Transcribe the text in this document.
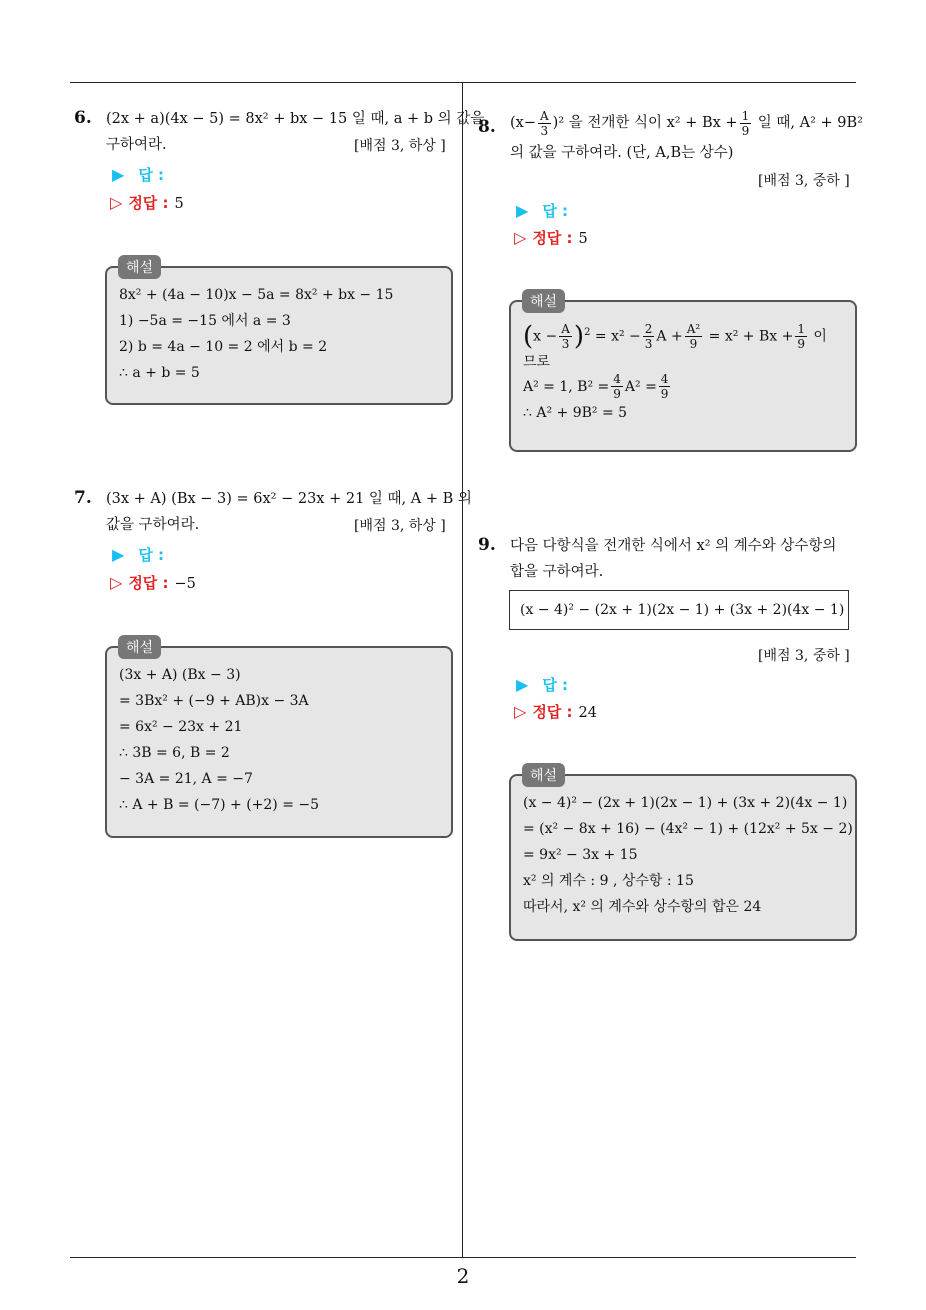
2
6. (2x + a)(4x − 5) = 8x² + bx − 15 일 때, a + b 의 값을
구하여라.	[배점 3, 하상 ]
▶ 답 :
▷ 정답 : 5
8x² + (4a − 10)x − 5a = 8x² + bx − 15
1) −5a = −15 에서 a = 3
2) b = 4a − 10 = 2 에서 b = 2
∴ a + b = 5
해설
7. (3x + A) (Bx − 3) = 6x² − 23x + 21 일 때, A + B 의
값을 구하여라.	[배점 3, 하상 ]
▶ 답 :
▷ 정답 : −5
(3x + A) (Bx − 3)
= 3Bx² + (−9 + AB)x − 3A
= 6x² − 23x + 21
∴ 3B = 6, B = 2
− 3A = 21, A = −7
∴ A + B = (−7) + (+2) = −5
해설
8. $(x- \frac{A}{3} )^2$ 을 전개한 식이 $x^2 + Bx + \frac{1}{9}$ 일 때, A² + 9B²
의 값을 구하여라. (단, A,B는 상수)
[배점 3, 중하 ]
▶ 답 :
▷ 정답 : 5
$(x - \frac{A}{3} )^2 = x^2 - \frac{2}{3}$ $A + \frac{\text{A²}}{9} = x^2 + Bx + \frac{1}{9}$ 이
므로
A² = 1, $B^2 = \frac{4}{9} A^2 = \frac{4}{9}$
∴ A² + 9B² = 5
해설
9. 다음 다항식을 전개한 식에서 x² 의 계수와 상수항의
합을 구하여라.
(x − 4)² − (2x + 1)(2x − 1) + (3x + 2)(4x − 1)
[배점 3, 중하 ]
▶ 답 :
▷ 정답 : 24
(x − 4)² − (2x + 1)(2x − 1) + (3x + 2)(4x − 1)
= (x² − 8x + 16) − (4x² − 1) + (12x² + 5x − 2)
= 9x² − 3x + 15
x² 의 계수 : 9 , 상수항 : 15
따라서, x² 의 계수와 상수항의 합은 24
해설
